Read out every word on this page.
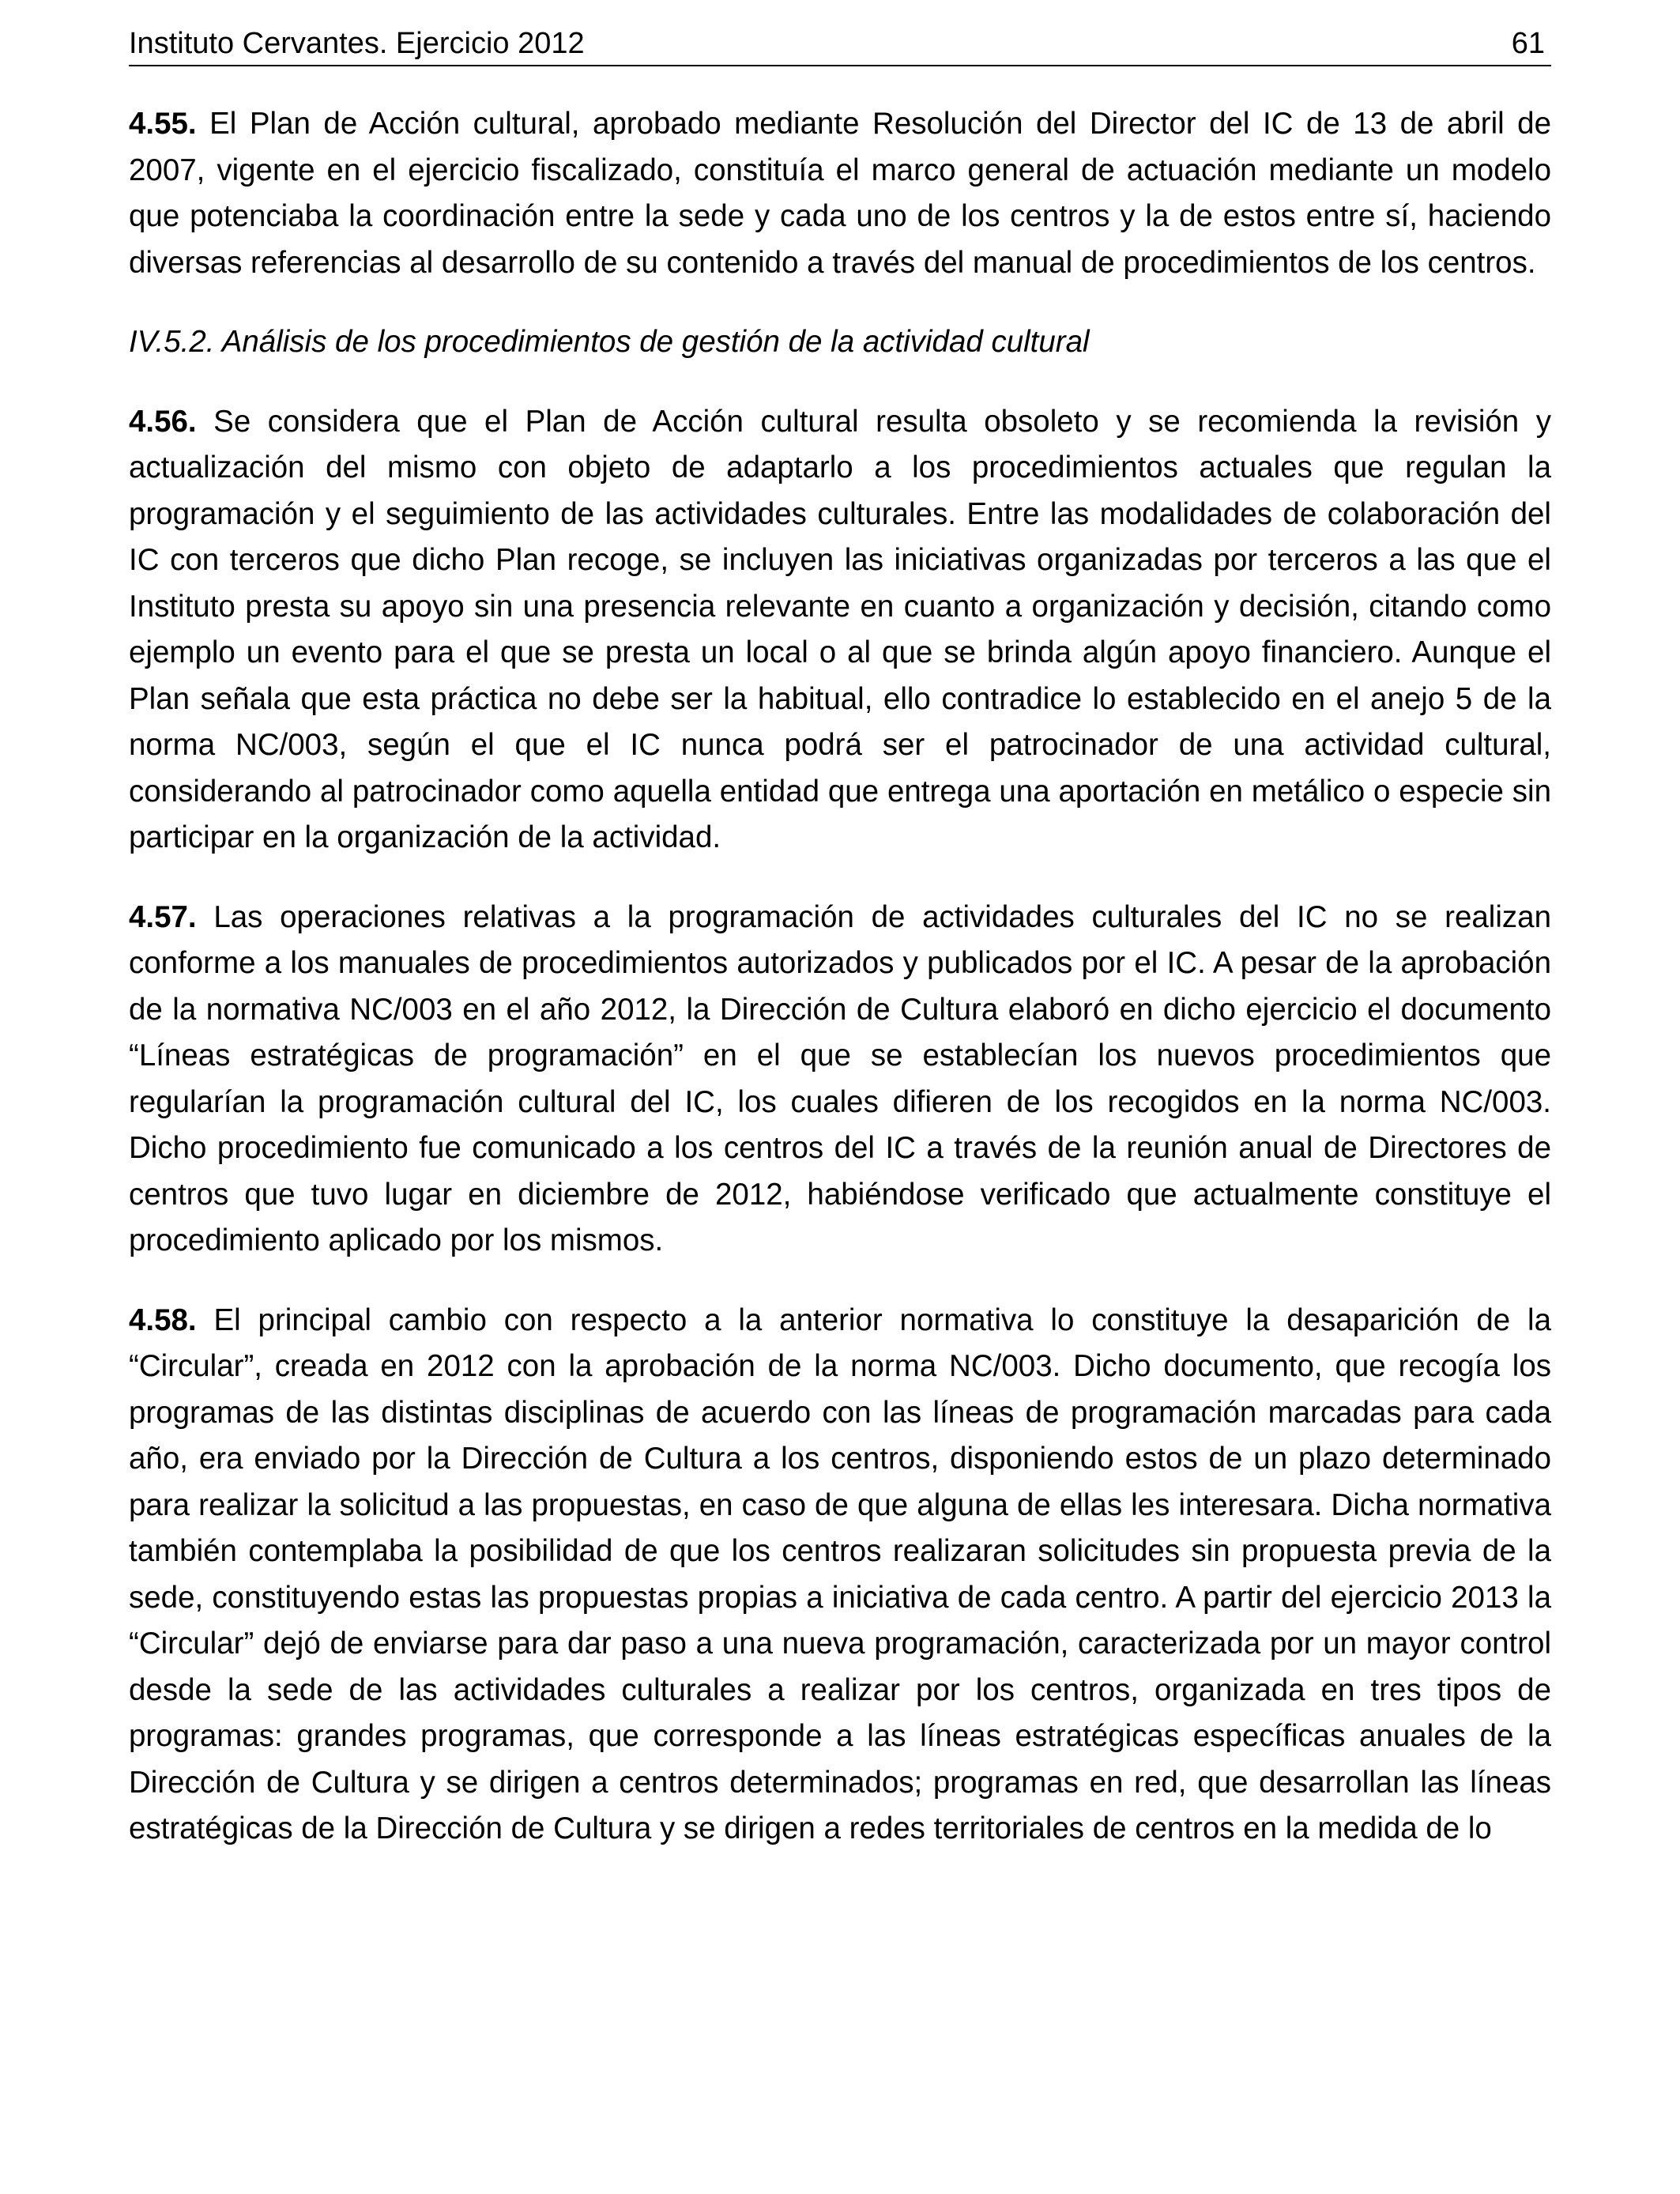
Instituto Cervantes. Ejercicio 2012	61

4.55. El Plan de Acción cultural, aprobado mediante Resolución del Director del IC de 13 de abril de 2007, vigente en el ejercicio fiscalizado, constituía el marco general de actuación mediante un modelo que potenciaba la coordinación entre la sede y cada uno de los centros y la de estos entre sí, haciendo diversas referencias al desarrollo de su contenido a través del manual de procedimientos de los centros.

IV.5.2. Análisis de los procedimientos de gestión de la actividad cultural

4.56. Se considera que el Plan de Acción cultural resulta obsoleto y se recomienda la revisión y actualización del mismo con objeto de adaptarlo a los procedimientos actuales que regulan la programación y el seguimiento de las actividades culturales. Entre las modalidades de colaboración del IC con terceros que dicho Plan recoge, se incluyen las iniciativas organizadas por terceros a las que el Instituto presta su apoyo sin una presencia relevante en cuanto a organización y decisión, citando como ejemplo un evento para el que se presta un local o al que se brinda algún apoyo financiero. Aunque el Plan señala que esta práctica no debe ser la habitual, ello contradice lo establecido en el anejo 5 de la norma NC/003, según el que el IC nunca podrá ser el patrocinador de una actividad cultural, considerando al patrocinador como aquella entidad que entrega una aportación en metálico o especie sin participar en la organización de la actividad.

4.57. Las operaciones relativas a la programación de actividades culturales del IC no se realizan conforme a los manuales de procedimientos autorizados y publicados por el IC. A pesar de la aprobación de la normativa NC/003 en el año 2012, la Dirección de Cultura elaboró en dicho ejercicio el documento “Líneas estratégicas de programación” en el que se establecían los nuevos procedimientos que regularían la programación cultural del IC, los cuales difieren de los recogidos en la norma NC/003. Dicho procedimiento fue comunicado a los centros del IC a través de la reunión anual de Directores de centros que tuvo lugar en diciembre de 2012, habiéndose verificado que actualmente constituye el procedimiento aplicado por los mismos.

4.58. El principal cambio con respecto a la anterior normativa lo constituye la desaparición de la “Circular”, creada en 2012 con la aprobación de la norma NC/003. Dicho documento, que recogía los programas de las distintas disciplinas de acuerdo con las líneas de programación marcadas para cada año, era enviado por la Dirección de Cultura a los centros, disponiendo estos de un plazo determinado para realizar la solicitud a las propuestas, en caso de que alguna de ellas les interesara. Dicha normativa también contemplaba la posibilidad de que los centros realizaran solicitudes sin propuesta previa de la sede, constituyendo estas las propuestas propias a iniciativa de cada centro. A partir del ejercicio 2013 la “Circular” dejó de enviarse para dar paso a una nueva programación, caracterizada por un mayor control desde la sede de las actividades culturales a realizar por los centros, organizada en tres tipos de programas: grandes programas, que corresponde a las líneas estratégicas específicas anuales de la Dirección de Cultura y se dirigen a centros determinados; programas en red, que desarrollan las líneas estratégicas de la Dirección de Cultura y se dirigen a redes territoriales de centros en la medida de lo
